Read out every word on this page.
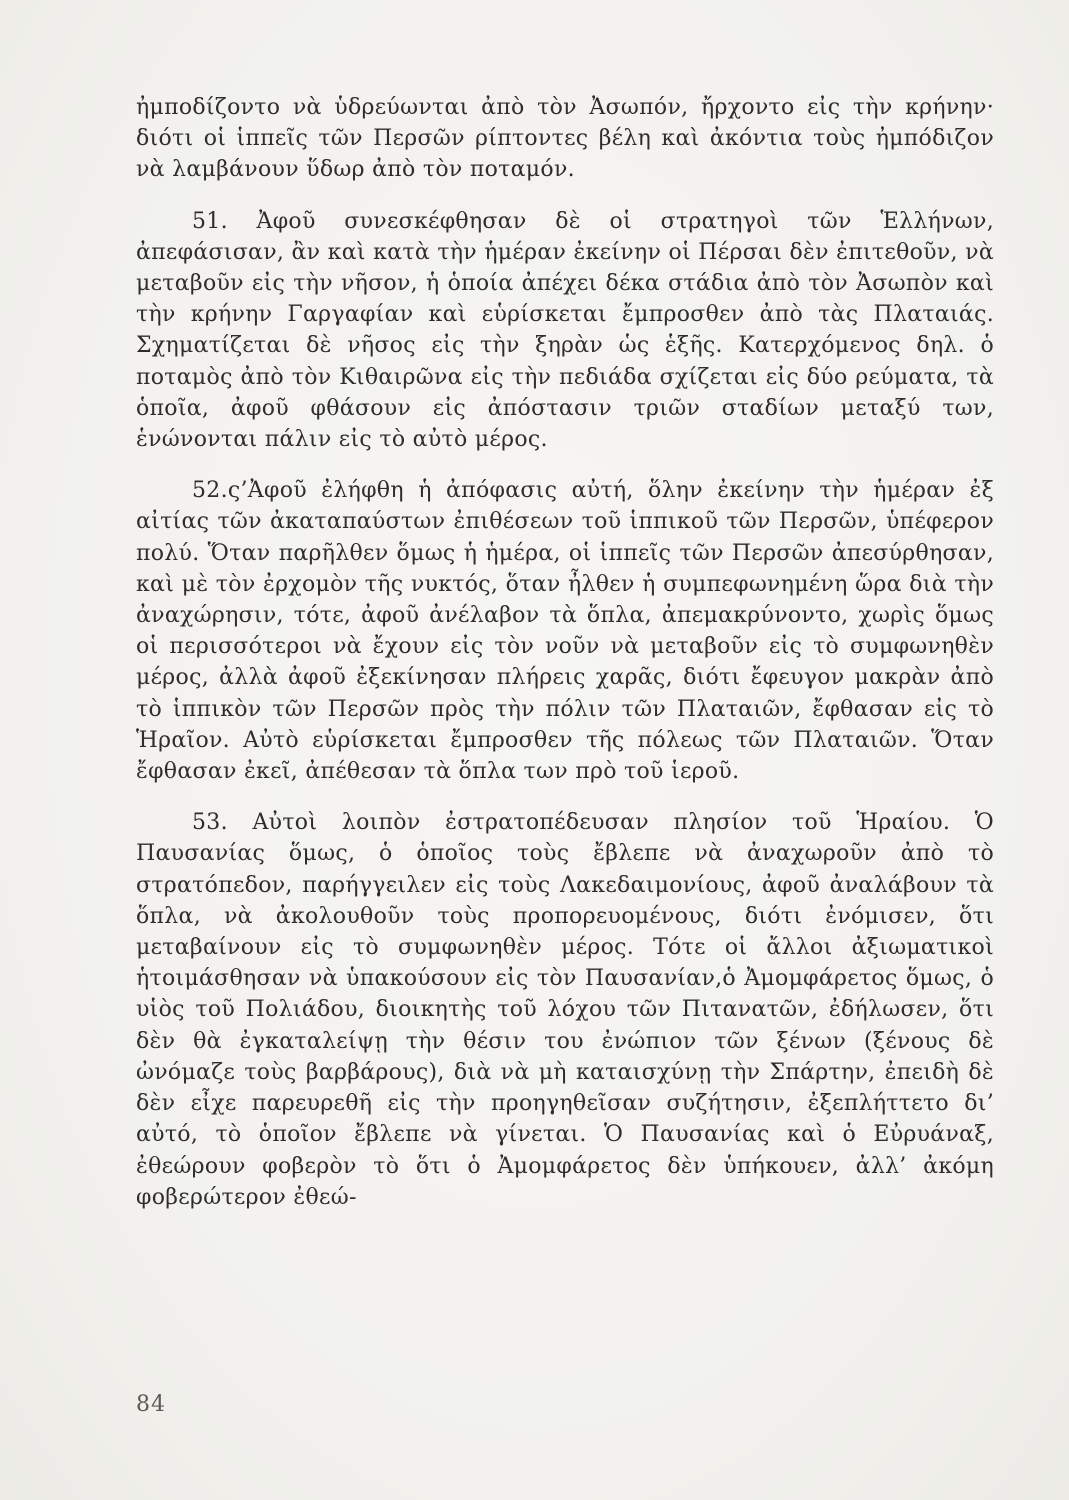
ἠμποδίζοντο νὰ ὑδρεύωνται ἀπὸ τὸν Ἀσωπόν, ἤρχοντο εἰς τὴν κρήνην· διότι οἱ ἱππεῖς τῶν Περσῶν ρίπτοντες βέλη καὶ ἀκόντια τοὺς ἠμπόδιζον νὰ λαμβάνουν ὕδωρ ἀπὸ τὸν ποταμόν.

51. Ἀφοῦ συνεσκέφθησαν δὲ οἱ στρατηγοὶ τῶν Ἑλλήνων, ἀπεφάσισαν, ἂν καὶ κατὰ τὴν ἡμέραν ἐκείνην οἱ Πέρσαι δὲν ἐπιτεθοῦν, νὰ μεταβοῦν εἰς τὴν νῆσον, ἡ ὁποία ἀπέχει δέκα στάδια ἀπὸ τὸν Ἀσωπὸν καὶ τὴν κρήνην Γαργαφίαν καὶ εὑρίσκεται ἔμπροσθεν ἀπὸ τὰς Πλαταιάς. Σχηματίζεται δὲ νῆσος εἰς τὴν ξηρὰν ὡς ἑξῆς. Κατερχόμενος δηλ. ὁ ποταμὸς ἀπὸ τὸν Κιθαιρῶνα εἰς τὴν πεδιάδα σχίζεται εἰς δύο ρεύματα, τὰ ὁποῖα, ἀφοῦ φθάσουν εἰς ἀπόστασιν τριῶν σταδίων μεταξύ των, ἑνώνονται πάλιν εἰς τὸ αὐτὸ μέρος.

52.ς’Ἀφοῦ ἐλήφθη ἡ ἀπόφασις αὐτή, ὅλην ἐκείνην τὴν ἡμέραν ἐξ αἰτίας τῶν ἀκαταπαύστων ἐπιθέσεων τοῦ ἱππικοῦ τῶν Περσῶν, ὑπέφερον πολύ. Ὅταν παρῆλθεν ὅμως ἡ ἡμέρα, οἱ ἱππεῖς τῶν Περσῶν ἀπεσύρθησαν, καὶ μὲ τὸν ἐρχομὸν τῆς νυκτός, ὅταν ἦλθεν ἡ συμπεφωνημένη ὥρα διὰ τὴν ἀναχώρησιν, τότε, ἀφοῦ ἀνέλαβον τὰ ὅπλα, ἀπεμακρύνοντο, χωρὶς ὅμως οἱ περισσότεροι νὰ ἔχουν εἰς τὸν νοῦν νὰ μεταβοῦν εἰς τὸ συμφωνηθὲν μέρος, ἀλλὰ ἀφοῦ ἐξεκίνησαν πλήρεις χαρᾶς, διότι ἔφευγον μακρὰν ἀπὸ τὸ ἱππικὸν τῶν Περσῶν πρὸς τὴν πόλιν τῶν Πλαταιῶν, ἔφθασαν εἰς τὸ Ἡραῖον. Αὐτὸ εὑρίσκεται ἔμπροσθεν τῆς πόλεως τῶν Πλαταιῶν. Ὅταν ἔφθασαν ἐκεῖ, ἀπέθεσαν τὰ ὅπλα των πρὸ τοῦ ἱεροῦ.

53. Αὐτοὶ λοιπὸν ἐστρατοπέδευσαν πλησίον τοῦ Ἡραίου. Ὁ Παυσανίας ὅμως, ὁ ὁποῖος τοὺς ἔβλεπε νὰ ἀναχωροῦν ἀπὸ τὸ στρατόπεδον, παρήγγειλεν εἰς τοὺς Λακεδαιμονίους, ἀφοῦ ἀναλάβουν τὰ ὅπλα, νὰ ἀκολουθοῦν τοὺς προπορευομένους, διότι ἐνόμισεν, ὅτι μεταβαίνουν εἰς τὸ συμφωνηθὲν μέρος. Τότε οἱ ἄλλοι ἀξιωματικοὶ ἡτοιμάσθησαν νὰ ὑπακούσουν εἰς τὸν Παυσανίαν,ὁ Ἀμομφάρετος ὅμως, ὁ υἱὸς τοῦ Πολιάδου, διοικητὴς τοῦ λόχου τῶν Πιτανατῶν, ἐδήλωσεν, ὅτι δὲν θὰ ἐγκαταλείψῃ τὴν θέσιν του ἐνώπιον τῶν ξένων (ξένους δὲ ὠνόμαζε τοὺς βαρβάρους), διὰ νὰ μὴ καταισχύνῃ τὴν Σπάρτην, ἐπειδὴ δὲ δὲν εἶχε παρευρεθῆ εἰς τὴν προηγηθεῖσαν συζήτησιν, ἐξεπλήττετο δι’ αὐτό, τὸ ὁποῖον ἔβλεπε νὰ γίνεται. Ὁ Παυσανίας καὶ ὁ Εὐρυάναξ, ἐθεώρουν φοβερὸν τὸ ὅτι ὁ Ἀμομφάρετος δὲν ὑπήκουεν, ἀλλ’ ἀκόμη φοβερώτερον ἐθεώ-

84
